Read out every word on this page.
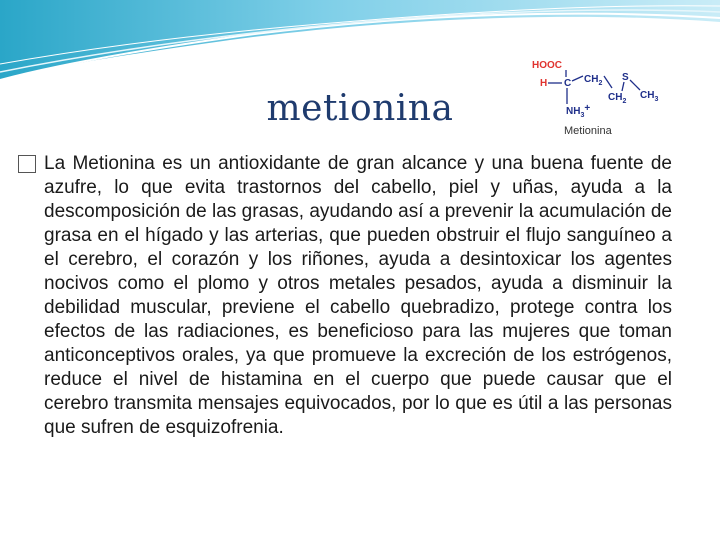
metionina
HOOC
H C $CH_2$
S
$CH_2$
$CH_3$
$NH_3+$
Metionina

La Metionina es un antioxidante de gran alcance y una buena fuente de azufre, lo que evita trastornos del cabello, piel y uñas, ayuda a la descomposición de las grasas, ayudando así a prevenir la acumulación de grasa en el hígado y las arterias, que pueden obstruir el flujo sanguíneo a el cerebro, el corazón y los riñones, ayuda a desintoxicar los agentes nocivos como el plomo y otros metales pesados, ayuda a disminuir la debilidad muscular, previene el cabello quebradizo, protege contra los efectos de las radiaciones, es beneficioso para las mujeres que toman anticonceptivos orales, ya que promueve la excreción de los estrógenos, reduce el nivel de histamina en el cuerpo que puede causar que el cerebro transmita mensajes equivocados, por lo que es útil a las personas que sufren de esquizofrenia.
